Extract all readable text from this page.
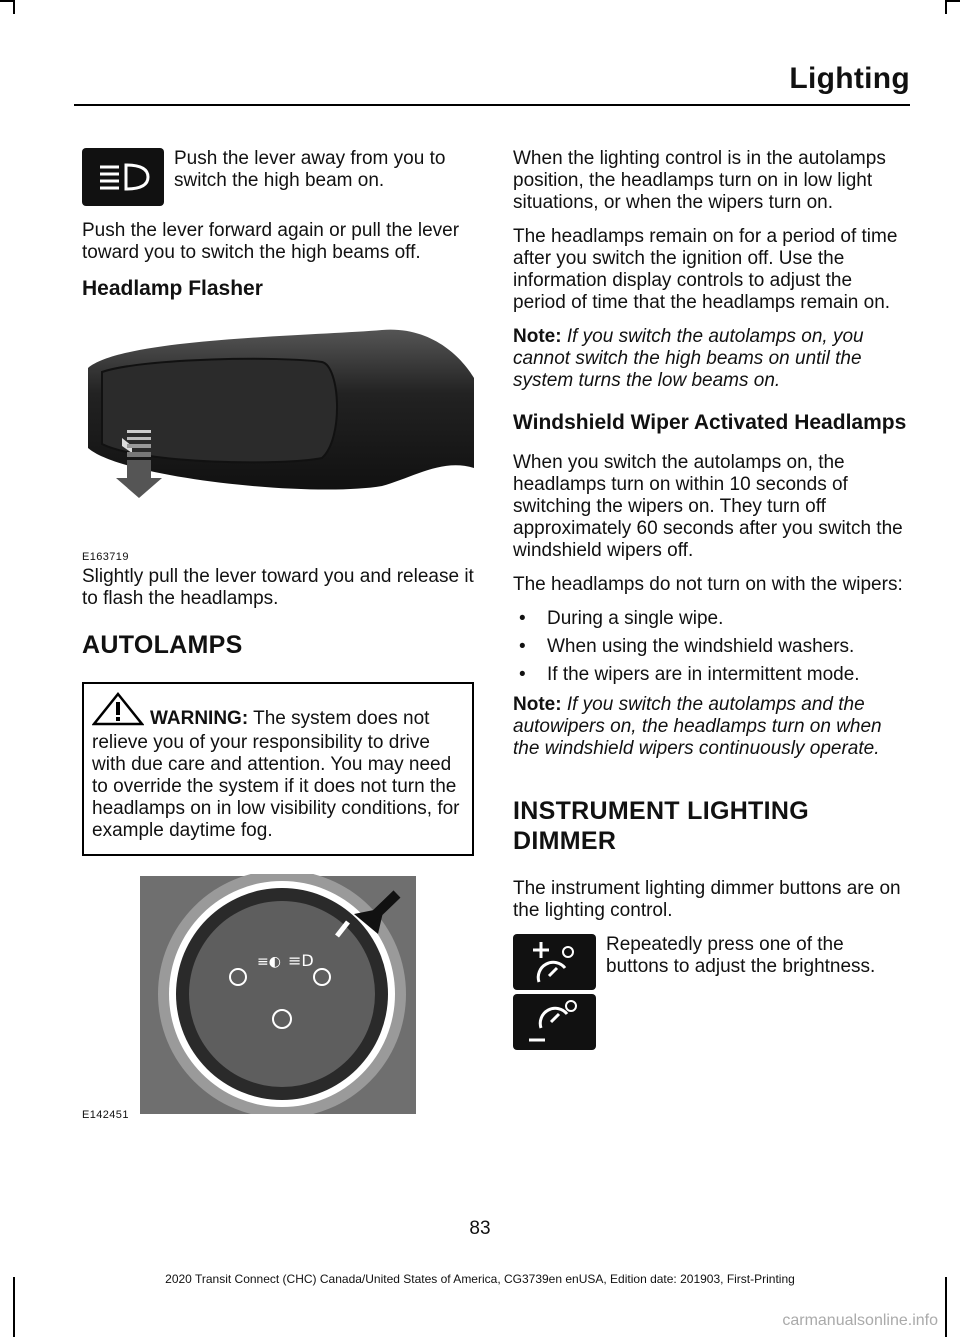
Lighting
Push the lever away from you to switch the high beam on.

Push the lever forward again or pull the lever toward you to switch the high beams off.

Headlamp Flasher
E163719

Slightly pull the lever toward you and release it to flash the headlamps.

AUTOLAMPS
WARNING: The system does not relieve you of your responsibility to drive with due care and attention. You may need to override the system if it does not turn the headlamps on in low visibility conditions, for example daytime fog.
≡◐ ≡D
E142451

When the lighting control is in the autolamps position, the headlamps turn on in low light situations, or when the wipers turn on.

The headlamps remain on for a period of time after you switch the ignition off. Use the information display controls to adjust the period of time that the headlamps remain on.

Note: If you switch the autolamps on, you cannot switch the high beams on until the system turns the low beams on.

Windshield Wiper Activated Headlamps

When you switch the autolamps on, the headlamps turn on within 10 seconds of switching the wipers on. They turn off approximately 60 seconds after you switch the windshield wipers off.

The headlamps do not turn on with the wipers:

• During a single wipe.
• When using the windshield washers.
• If the wipers are in intermittent mode.

Note: If you switch the autolamps and the autowipers on, the headlamps turn on when the windshield wipers continuously operate.

INSTRUMENT LIGHTING
DIMMER

The instrument lighting dimmer buttons are on the lighting control.

Repeatedly press one of the buttons to adjust the brightness.
83
2020 Transit Connect (CHC) Canada/United States of America, CG3739en enUSA, Edition date: 201903, First-Printing
carmanualsonline.info
